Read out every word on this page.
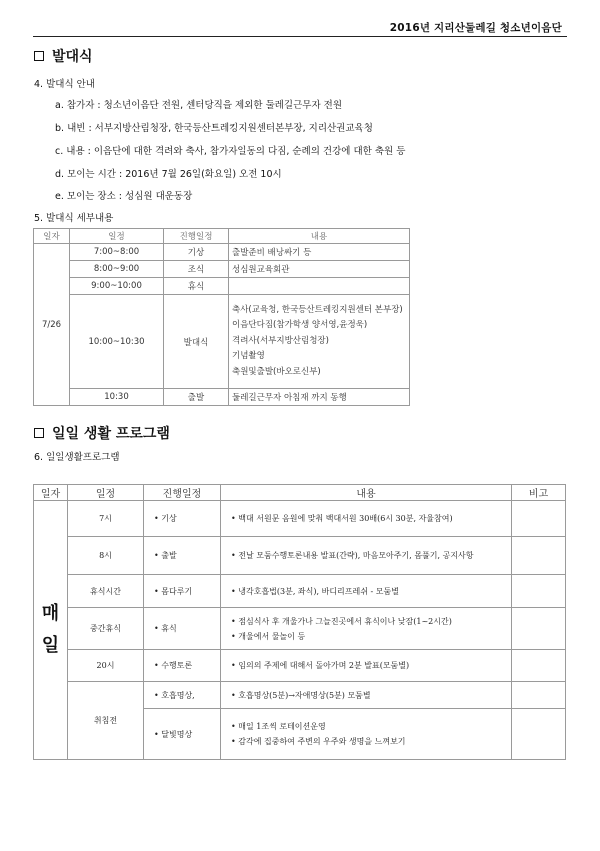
2016년 지리산둘레길 청소년이음단
발대식
4. 발대식 안내
a. 참가자 : 청소년이음단 전원, 센터당직을 제외한 둘레길근무자 전원
b. 내빈 : 서부지방산림청장, 한국등산트레킹지원센터본부장, 지리산권교육청
c. 내용 : 이음단에 대한 격려와 축사, 참가자일동의 다짐, 순례의 건강에 대한 축원 등
d. 모이는 시간 : 2016년 7월 26일(화요일) 오전 10시
e. 모이는 장소 : 성심원 대운동장
5. 발대식 세부내용
일자	일정	진행일정	내용
7/26	7:00~8:00	기상	출발준비 배낭싸기 등
	8:00~9:00	조식	성심원교육회관
	9:00~10:00	휴식	
	10:00~10:30	발대식	축사(교육청, 한국등산트레킹지원센터 본부장)
이음단다짐(참가학생 양서영,윤정욱)
격려사(서부지방산림청장)
기념촬영
축원및출발(바오로신부)

	10:30	출발	둘레길근무자 아침재 까지 동행
일일 생활 프로그램
6. 일일생활프로그램
일자	일정	진행일정	내용	비고

매일	7시	• 기상	• 백대 서원문 음원에 맞춰 백대서원 30배(6시 30분, 자율참여)	
	8시	• 출발	• 전날 모둠수행토론내용 발표(간략), 마음모아주기, 몸풀기, 공지사항	
	휴식시간	• 몸다루기	• 냉각호흡법(3분, 좌식), 바디리프레쉬 - 모둠별	
	중간휴식	• 휴식	• 점심식사 후 개울가나 그늘진곳에서 휴식이나 낮잠(1~2시간)
• 개울에서 물놀이 등	

	20시	• 수행토론	• 임의의 주제에 대해서 돌아가며 2분 발표(모둠별)	
	취침전	• 호흡명상,	• 호흡명상(5분)→자애명상(5분) 모둠별	
		• 달빛명상	• 매일 1조씩 로테이션운영
• 감각에 집중하여 주변의 우주와 생명을 느껴보기	
